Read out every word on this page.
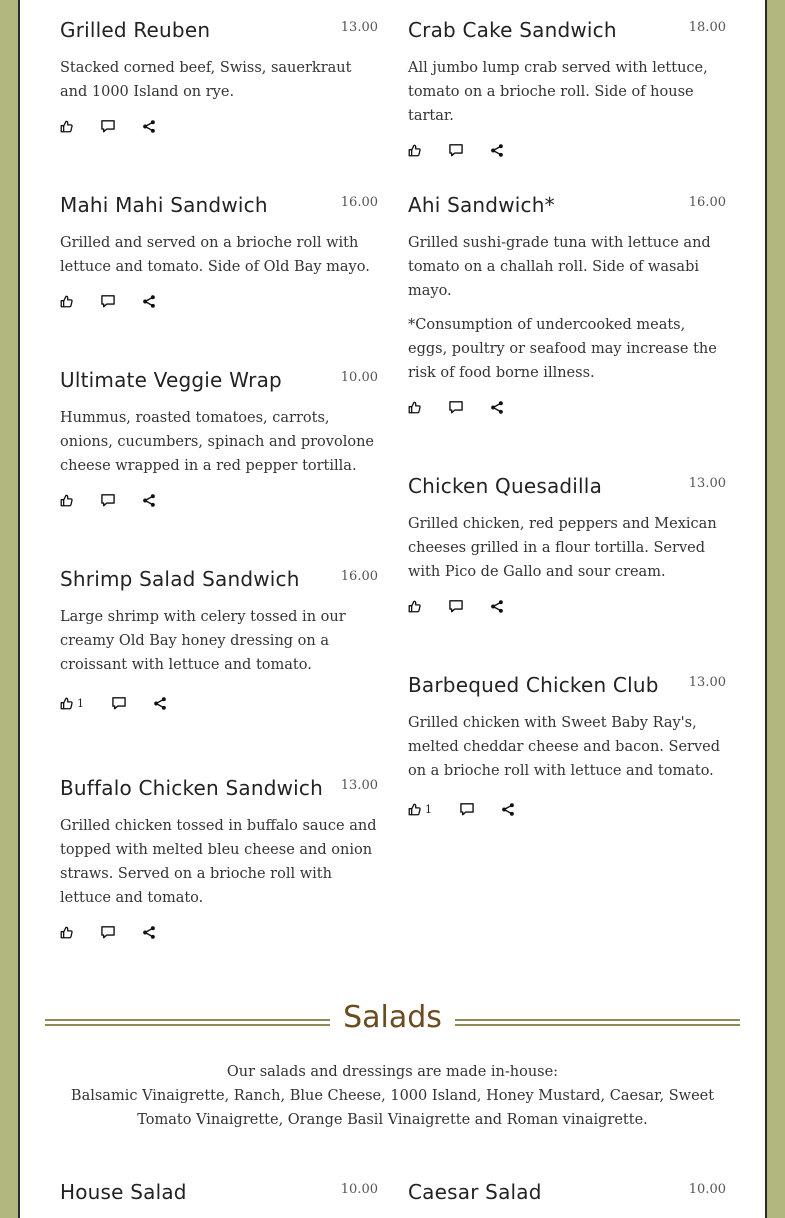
Grilled Reuben	13.00
Stacked corned beef, Swiss, sauerkraut and 1000 Island on rye.
Mahi Mahi Sandwich	16.00
Grilled and served on a brioche roll with lettuce and tomato. Side of Old Bay mayo.
Ultimate Veggie Wrap	10.00
Hummus, roasted tomatoes, carrots, onions, cucumbers, spinach and provolone cheese wrapped in a red pepper tortilla.
Shrimp Salad Sandwich	16.00
Large shrimp with celery tossed in our creamy Old Bay honey dressing on a croissant with lettuce and tomato.
1
Buffalo Chicken Sandwich 13.00
Grilled chicken tossed in buffalo sauce and topped with melted bleu cheese and onion straws. Served on a brioche roll with lettuce and tomato.
Crab Cake Sandwich	18.00
All jumbo lump crab served with lettuce, tomato on a brioche roll. Side of house tartar.
Ahi Sandwich*	16.00
Grilled sushi-grade tuna with lettuce and tomato on a challah roll. Side of wasabi mayo.
*Consumption of undercooked meats, eggs, poultry or seafood may increase the risk of food borne illness.
Chicken Quesadilla	13.00
Grilled chicken, red peppers and Mexican cheeses grilled in a flour tortilla. Served with Pico de Gallo and sour cream.
Barbequed Chicken Club 13.00
Grilled chicken with Sweet Baby Ray's, melted cheddar cheese and bacon. Served on a brioche roll with lettuce and tomato.
1
Salads
Our salads and dressings are made in-house:
Balsamic Vinaigrette, Ranch, Blue Cheese, 1000 Island, Honey Mustard, Caesar, Sweet Tomato Vinaigrette, Orange Basil Vinaigrette and Roman vinaigrette.
House Salad	10.00 Caesar Salad	10.00
